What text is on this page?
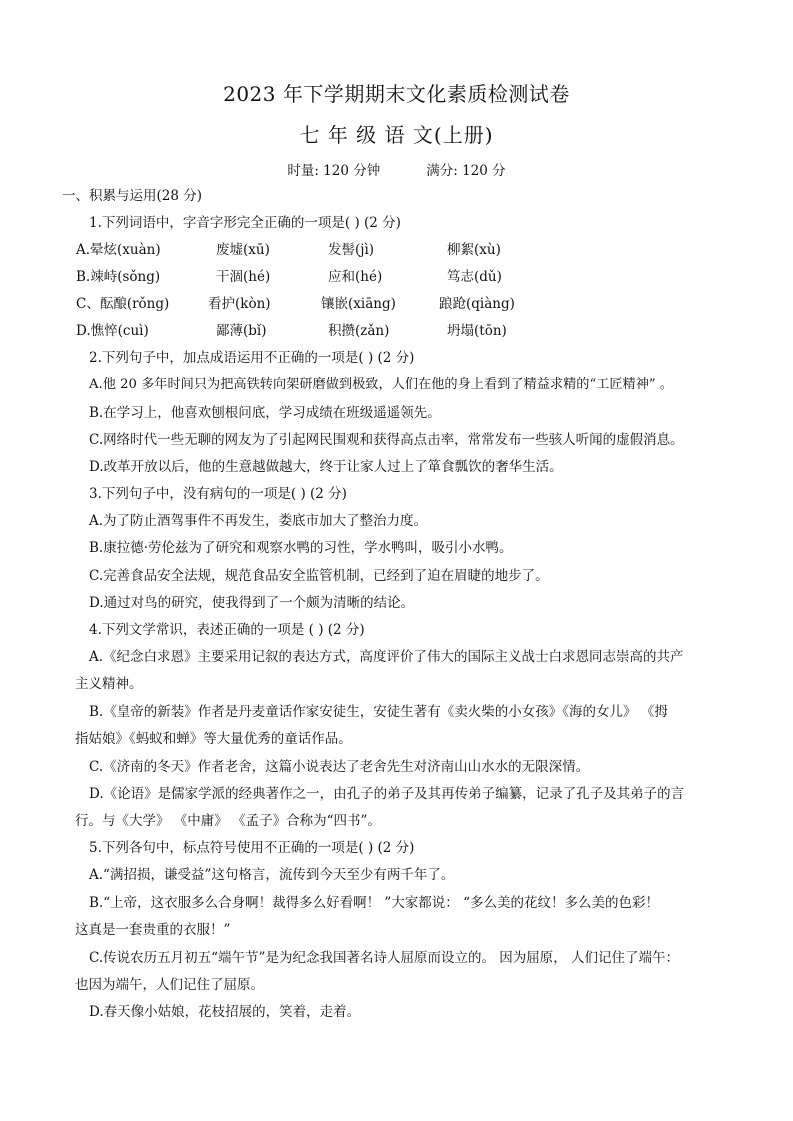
2023 年下学期期末文化素质检测试卷
七 年 级 语 文(上册)
时量: 120 分钟	满分: 120 分
一、积累与运用(28 分)
1.下列词语中，字音字形完全正确的一项是( ) (2 分)
A.晕炫(xuàn)	废墟(xū)	发髻(jì)	柳絮(xù)
B.竦峙(sǒng)	干涸(hé)	应和(hé)	笃志(dǔ)
C、酝酿(rǒng)	看护(kòn)	镶嵌(xiāng)	踉跄(qiàng)
D.憔悴(cuì)	鄙薄(bǐ)	积攒(zǎn)	坍塌(tōn)
2.下列句子中，加点成语运用不正确的一项是( ) (2 分)
A.他 20 多年时间只为把高铁转向架研磨做到极致，人们在他的身上看到了精益求精的“工匠精神” 。
B.在学习上，他喜欢刨根问底，学习成绩在班级遥遥领先。
C.网络时代一些无聊的网友为了引起网民围观和获得高点击率，常常发布一些骇人听闻的虚假消息。
D.改革开放以后，他的生意越做越大，终于让家人过上了箪食瓢饮的奢华生活。
3.下列句子中，没有病句的一项是( ) (2 分)
A.为了防止酒驾事件不再发生，娄底市加大了整治力度。
B.康拉德·劳伦兹为了研究和观察水鸭的习性，学水鸭叫，吸引小水鸭。
C.完善食品安全法规，规范食品安全监管机制，已经到了迫在眉睫的地步了。
D.通过对鸟的研究，使我得到了一个颇为清晰的结论。
4.下列文学常识，表述正确的一项是 ( ) (2 分)
A.《纪念白求恩》主要采用记叙的表达方式，高度评价了伟大的国际主义战士白求恩同志崇高的共产
主义精神。
B.《皇帝的新装》作者是丹麦童话作家安徒生，安徒生著有《卖火柴的小女孩》《海的女儿》 《拇
指姑娘》《蚂蚁和蝉》等大量优秀的童话作品。
C.《济南的冬天》作者老舍，这篇小说表达了老舍先生对济南山山水水的无限深情。
D.《论语》是儒家学派的经典著作之一，由孔子的弟子及其再传弟子编纂，记录了孔子及其弟子的言
行。与《大学》 《中庸》 《孟子》合称为“四书”。
5.下列各句中，标点符号使用不正确的一项是( ) (2 分)
A.“满招损，谦受益”这句格言，流传到今天至少有两千年了。
B.“上帝，这衣服多么合身啊！裁得多么好看啊！ ”大家都说： “多么美的花纹！多么美的色彩！
这真是一套贵重的衣服！”
C.传说农历五月初五“端午节”是为纪念我国著名诗人屈原而设立的。 因为屈原， 人们记住了端午：
也因为端午，人们记住了屈原。
D.春天像小姑娘，花枝招展的，笑着，走着。
